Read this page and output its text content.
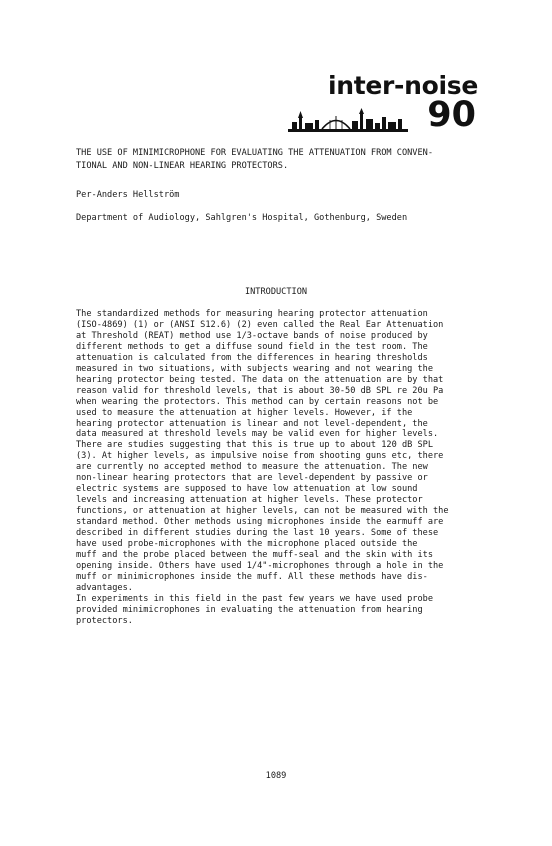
inter-noise
90
THE USE OF MINIMICROPHONE FOR EVALUATING THE ATTENUATION FROM CONVEN-
TIONAL AND NON-LINEAR HEARING PROTECTORS.

Per-Anders Hellström

Department of Audiology, Sahlgren's Hospital, Gothenburg, Sweden

INTRODUCTION

The standardized methods for measuring hearing protector attenuation
(ISO-4869) (1) or (ANSI S12.6) (2) even called the Real Ear Attenuation
at Threshold (REAT) method use 1/3-octave bands of noise produced by
different methods to get a diffuse sound field in the test room. The
attenuation is calculated from the differences in hearing thresholds
measured in two situations, with subjects wearing and not wearing the
hearing protector being tested. The data on the attenuation are by that
reason valid for threshold levels, that is about 30-50 dB SPL re 20u Pa
when wearing the protectors. This method can by certain reasons not be
used to measure the attenuation at higher levels. However, if the
hearing protector attenuation is linear and not level-dependent, the
data measured at threshold levels may be valid even for higher levels.
There are studies suggesting that this is true up to about 120 dB SPL
(3). At higher levels, as impulsive noise from shooting guns etc, there
are currently no accepted method to measure the attenuation. The new
non-linear hearing protectors that are level-dependent by passive or
electric systems are supposed to have low attenuation at low sound
levels and increasing attenuation at higher levels. These protector
functions, or attenuation at higher levels, can not be measured with the
standard method. Other methods using microphones inside the earmuff are
described in different studies during the last 10 years. Some of these
have used probe-microphones with the microphone placed outside the
muff and the probe placed between the muff-seal and the skin with its
opening inside. Others have used 1/4"-microphones through a hole in the
muff or minimicrophones inside the muff. All these methods have dis-
advantages.
In experiments in this field in the past few years we have used probe
provided minimicrophones in evaluating the attenuation from hearing
protectors.

1089
